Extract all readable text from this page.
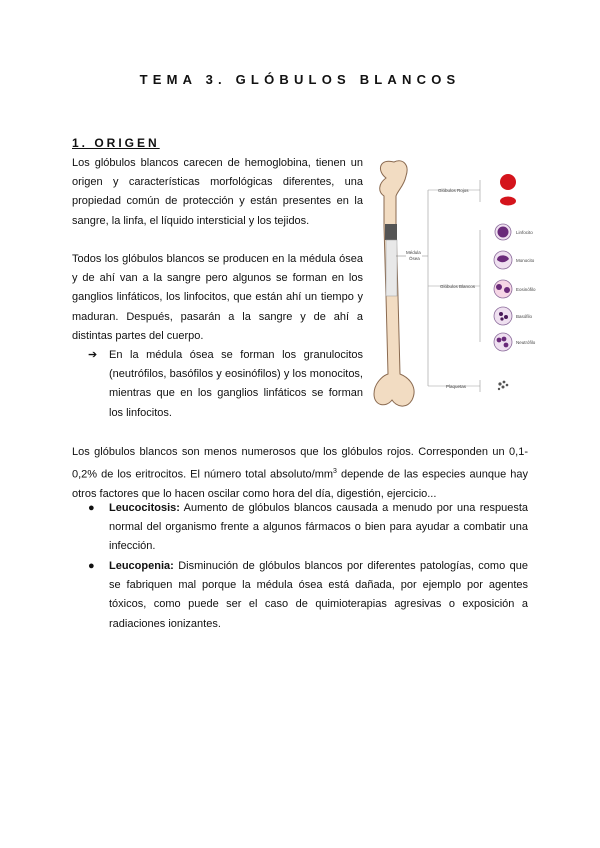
TEMA 3. GLÓBULOS BLANCOS
1. ORIGEN
Los glóbulos blancos carecen de hemoglobina, tienen un origen y características morfológicas diferentes, una propiedad común de protección y están presentes en la sangre, la linfa, el líquido intersticial y los tejidos.
Todos los glóbulos blancos se producen en la médula ósea y de ahí van a la sangre pero algunos se forman en los ganglios linfáticos, los linfocitos, que están ahí un tiempo y maduran. Después, pasarán a la sangre y de ahí a distintas partes del cuerpo.
➔ En la médula ósea se forman los granulocitos (neutrófilos, basófilos y eosinófilos) y los monocitos, mientras que en los ganglios linfáticos se forman los linfocitos.
Los glóbulos blancos son menos numerosos que los glóbulos rojos. Corresponden un 0,1-0,2% de los eritrocitos. El número total absoluto/$mm^3$ depende de las especies aunque hay otros factores que lo hacen oscilar como hora del día, digestión, ejercicio...
● Leucocitosis: Aumento de glóbulos blancos causada a menudo por una respuesta normal del organismo frente a algunos fármacos o bien para ayudar a combatir una infección.
● Leucopenia: Disminución de glóbulos blancos por diferentes patologías, como que se fabriquen mal porque la médula ósea está dañada, por ejemplo por agentes tóxicos, como puede ser el caso de quimioterapias agresivas o exposición a radiaciones ionizantes.
Médula
Ósea
Glóbulos Rojos
Glóbulos Blancos
Plaquetas
Linfocito
Monocito
Eosinófilo
Basófilo
Neutrófilo
